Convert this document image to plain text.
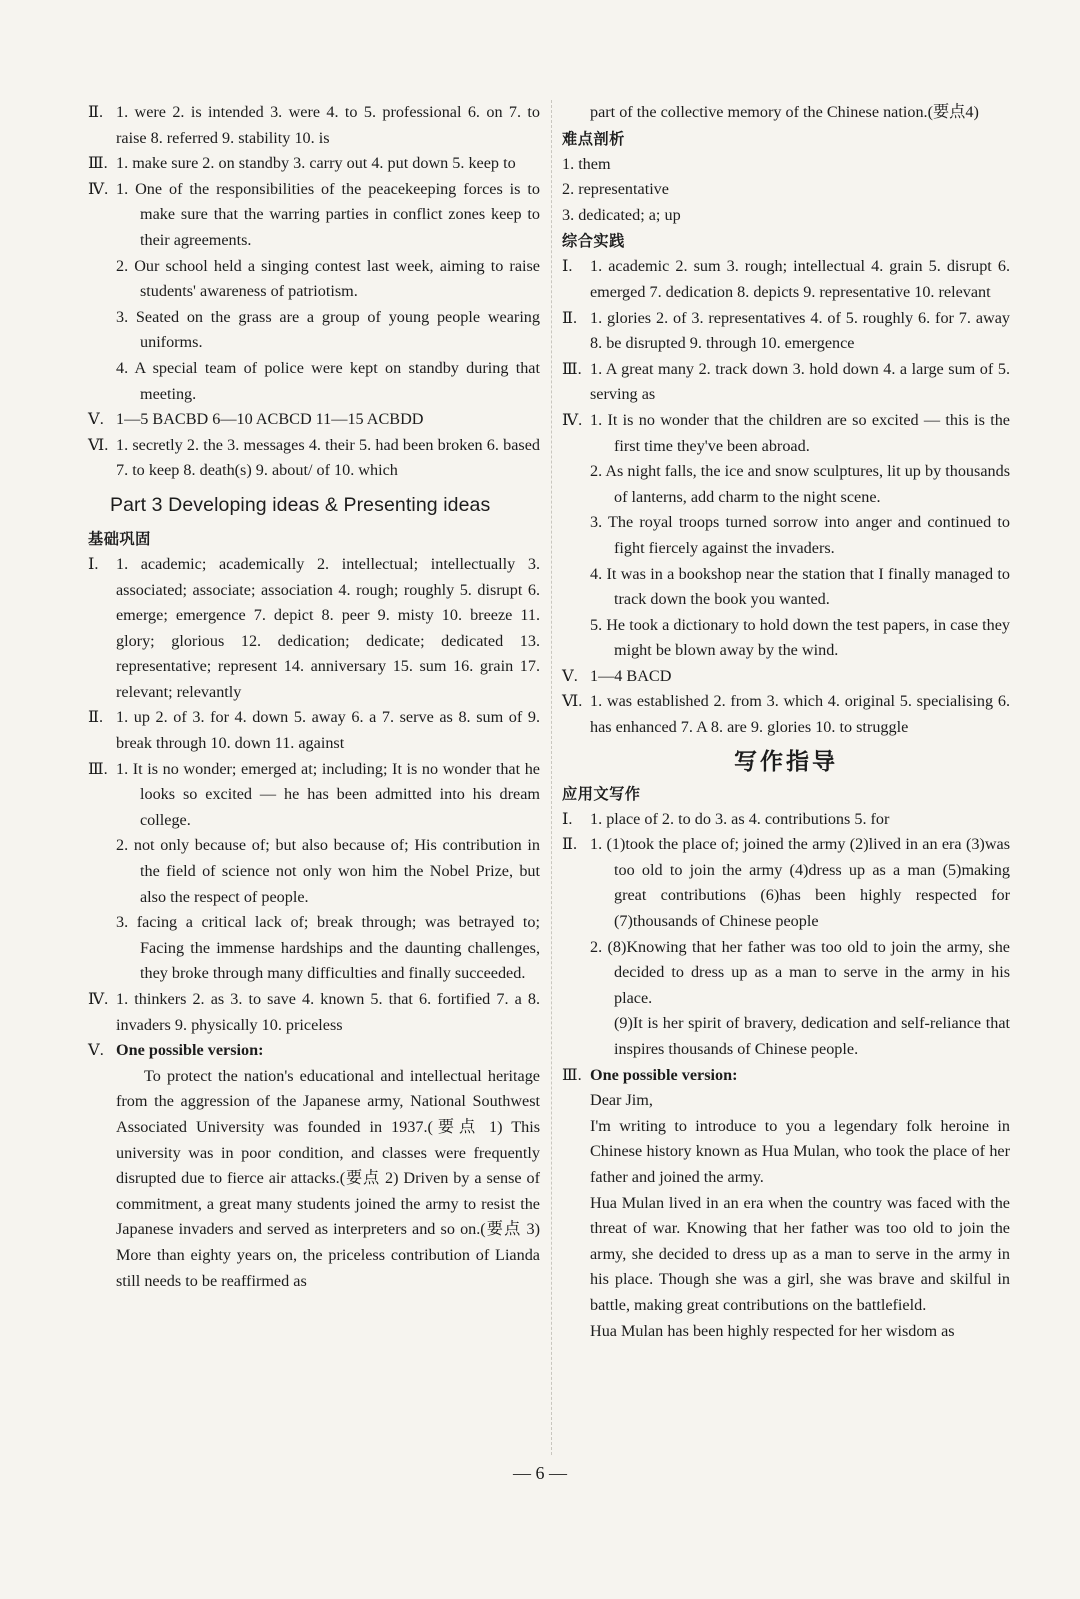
Ⅱ. 1. were 2. is intended 3. were 4. to 5. professional 6. on 7. to raise 8. referred 9. stability 10. is
Ⅲ. 1. make sure 2. on standby 3. carry out 4. put down 5. keep to
Ⅳ. 1. One of the responsibilities of the peacekeeping forces is to make sure that the warring parties in conflict zones keep to their agreements.
2. Our school held a singing contest last week, aiming to raise students' awareness of patriotism.
3. Seated on the grass are a group of young people wearing uniforms.
4. A special team of police were kept on standby during that meeting.
Ⅴ. 1—5 BACBD 6—10 ACBCD 11—15 ACBDD
Ⅵ. 1. secretly 2. the 3. messages 4. their 5. had been broken 6. based 7. to keep 8. death(s) 9. about/ of 10. which
Part 3 Developing ideas & Presenting ideas
基础巩固
Ⅰ.	1. academic; academically 2. intellectual; intellectually 3. associated; associate; association 4. rough; roughly 5. disrupt 6. emerge; emergence 7. depict 8. peer 9. misty 10. breeze 11. glory; glorious 12. dedication; dedicate; dedicated 13. representative; represent 14. anniversary 15. sum 16. grain 17. relevant; relevantly
Ⅱ. 1. up 2. of 3. for 4. down 5. away 6. a 7. serve as 8. sum of 9. break through 10. down 11. against
Ⅲ. 1. It is no wonder; emerged at; including; It is no wonder that he looks so excited — he has been admitted into his dream college.
2. not only because of; but also because of; His contribution in the field of science not only won him the Nobel Prize, but also the respect of people.
3. facing a critical lack of; break through; was betrayed to; Facing the immense hardships and the daunting challenges, they broke through many difficulties and finally succeeded.
Ⅳ. 1. thinkers 2. as 3. to save 4. known 5. that 6. fortified 7. a 8. invaders 9. physically 10. priceless
Ⅴ. One possible version:
To protect the nation's educational and intellectual heritage from the aggression of the Japanese army, National Southwest Associated University was founded in 1937.(要点 1) This university was in poor condition, and classes were frequently disrupted due to fierce air attacks.(要点 2) Driven by a sense of commitment, a great many students joined the army to resist the Japanese invaders and served as interpreters and so on.(要点 3) More than eighty years on, the priceless contribution of Lianda still needs to be reaffirmed as
part of the collective memory of the Chinese nation.(要点4)
难点剖析
1. them
2. representative
3. dedicated; a; up
综合实践
Ⅰ.	1. academic 2. sum 3. rough; intellectual 4. grain 5. disrupt 6. emerged 7. dedication 8. depicts 9. representative 10. relevant
Ⅱ. 1. glories 2. of 3. representatives 4. of 5. roughly 6. for 7. away 8. be disrupted 9. through 10. emergence
Ⅲ. 1. A great many 2. track down 3. hold down 4. a large sum of 5. serving as
Ⅳ. 1. It is no wonder that the children are so excited — this is the first time they've been abroad.
2. As night falls, the ice and snow sculptures, lit up by thousands of lanterns, add charm to the night scene.
3. The royal troops turned sorrow into anger and continued to fight fiercely against the invaders.
4. It was in a bookshop near the station that I finally managed to track down the book you wanted.
5. He took a dictionary to hold down the test papers, in case they might be blown away by the wind.
Ⅴ. 1—4 BACD
Ⅵ. 1. was established 2. from 3. which 4. original 5. specialising 6. has enhanced 7. A 8. are 9. glories 10. to struggle
写作指导
应用文写作
Ⅰ.	1. place of 2. to do 3. as 4. contributions 5. for
Ⅱ. 1. (1)took the place of; joined the army (2)lived in an era (3)was too old to join the army (4)dress up as a man (5)making great contributions (6)has been highly respected for (7)thousands of Chinese people
2. (8)Knowing that her father was too old to join the army, she decided to dress up as a man to serve in the army in his place.
(9)It is her spirit of bravery, dedication and self-reliance that inspires thousands of Chinese people.
Ⅲ. One possible version:
Dear Jim,
I'm writing to introduce to you a legendary folk heroine in Chinese history known as Hua Mulan, who took the place of her father and joined the army.
Hua Mulan lived in an era when the country was faced with the threat of war. Knowing that her father was too old to join the army, she decided to dress up as a man to serve in the army in his place. Though she was a girl, she was brave and skilful in battle, making great contributions on the battlefield.
Hua Mulan has been highly respected for her wisdom as
— 6 —
